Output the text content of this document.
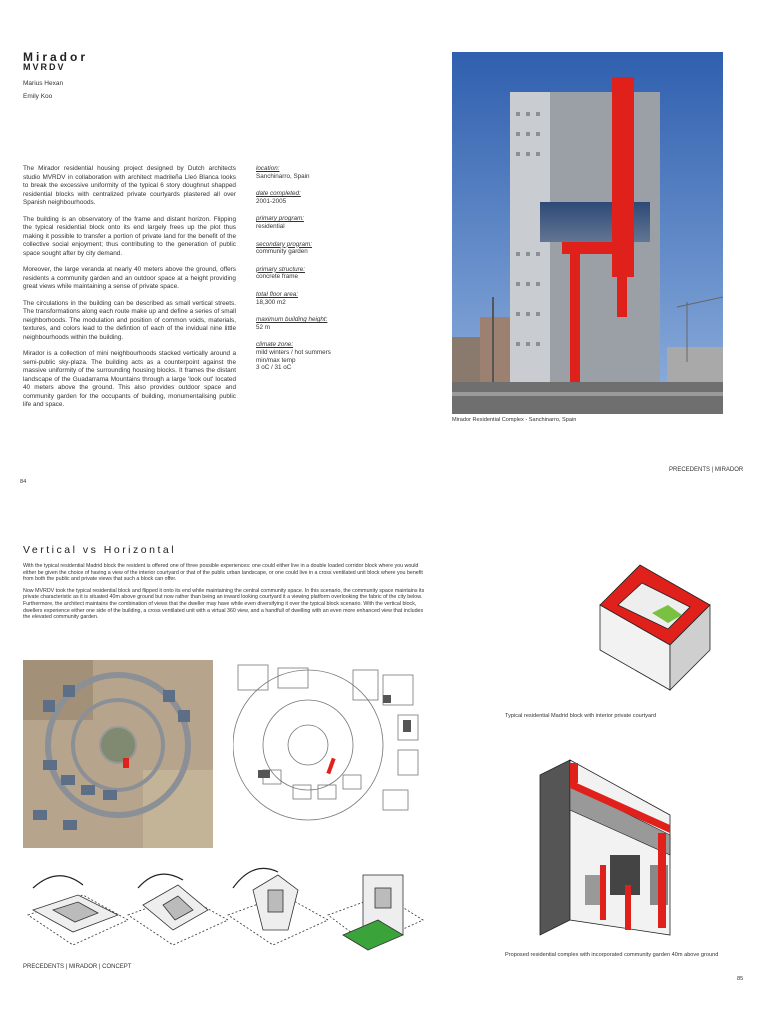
Mirador
MVRDV
Marius Hexan
Emily Koo

The Mirador residential housing project designed by Dutch architects studio MVRDV in collaboration with architect madrileña Lleó Blanca looks to break the excessive uniformity of the typical 6 story doughnut shapped residential blocks with centralized private courtyards plastered all over Spanish neighbourhoods.

The building is an observatory of the frame and distant horizon. Flipping the typical residential block onto its end largely frees up the plot thus making it possible to transfer a portion of private land for the benefit of the collective social enjoyment; thus contributing to the generation of public space sought after by city demand.

Moreover, the large veranda at nearly 40 meters above the ground, offers residents a community garden and an outdoor space at a height providing great views while maintaining a sense of private space.

The circulations in the building can be described as small vertical streets. The transformations along each route make up and define a series of small neighborhoods. The modulation and position of common voids, materials, textures, and colors lead to the defintion of each of the invidual nine little neighbourhoods within the building.

Mirador is a collection of mini neighbourhoods stacked vertically around a semi-public sky-plaza. The building acts as a counterpoint against the massive uniformity of the surrounding housing blocks. It frames the distant landscape of the Guadarrama Mountains through a large 'look out' located 40 meters above the ground. This also provides outdoor space and community garden for the occupants of building, monumentalising public life and space.

location:
Sanchinarro, Spain
date completed:
2001-2005
primary program:
residential
secondary program:
community garden
primary structure:
concrete frame
total floor area:
18,300 m2
maximum building height:
52 m
climate zone:
mild winters / hot summers
min/max temp
3 oC / 31 oC
Mirador Residential Complex - Sanchinarro, Spain
PRECEDENTS | MIRADOR
84
Vertical vs Horizontal

With the typical residential Madrid block the resident is offered one of three possible experiences: one could either live in a double loaded corridor block where you would either be given the choice of having a view of the interior courtyard or that of the public urban landscape, or one could live in a cross ventilated unit block where you benefit from both the public and private views that such a block can offer.

Now MVRDV took the typical residential block and flipped it onto its end while maintaining the central community space. In this scenario, the community space maintains its private characteristic as it is situated 40m above ground but now rather than being an inward looking courtyard it a viewing platform overlooking the fabric of the city below. Furthermore, the architect maintains the combination of views that the dweller may have while even diversifying it over the typical block scenario. With the vertical block, dwellers experience either one side of the building, a cross ventilated unit with a virtual 360 view, and a handfull of dwelling with an even more enhanced view that includes the elevated community garden.

Typical residential Madrid block with interior private courtyard
Proposed residential complex with incorporated community garden 40m above ground
PRECEDENTS | MIRADOR | CONCEPT
85
